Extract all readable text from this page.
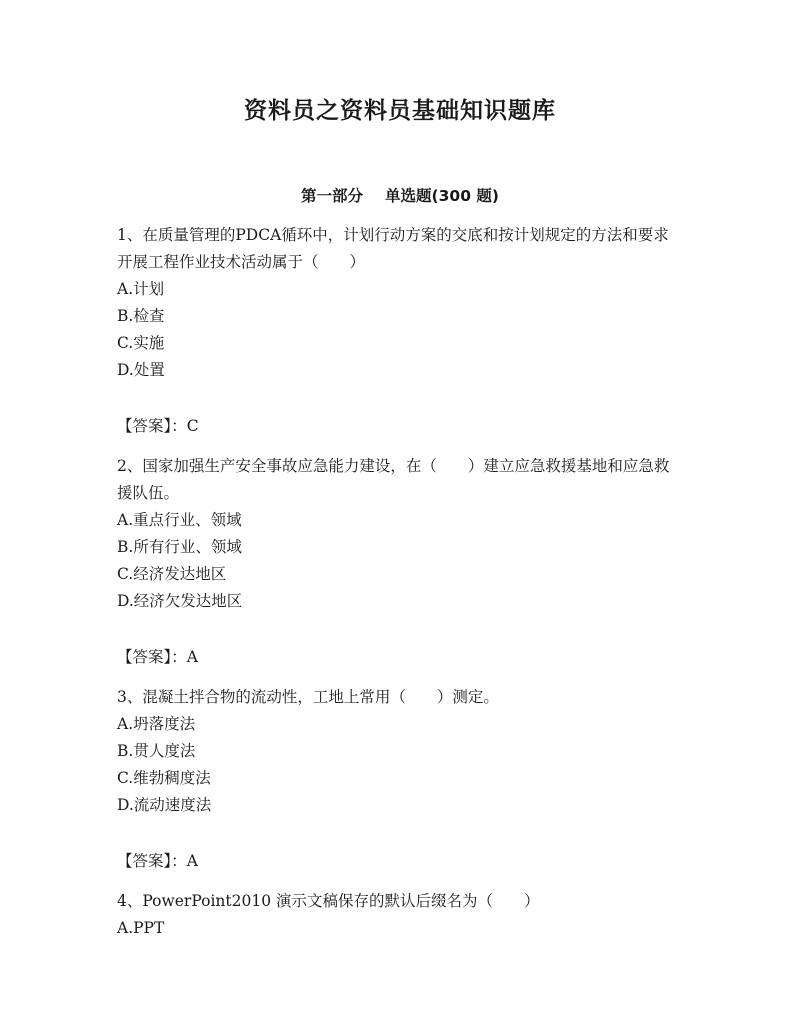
资料员之资料员基础知识题库
第一部分 单选题(300 题)

1、在质量管理的PDCA循环中，计划行动方案的交底和按计划规定的方法和要求开展工程作业技术活动属于（　　）

A.计划

B.检查

C.实施

D.处置

【答案】：C

2、国家加强生产安全事故应急能力建设，在（　　）建立应急救援基地和应急救援队伍。

A.重点行业、领域

B.所有行业、领域

C.经济发达地区

D.经济欠发达地区

【答案】：A

3、混凝土拌合物的流动性，工地上常用（　　）测定。

A.坍落度法

B.贯人度法

C.维勃稠度法

D.流动速度法

【答案】：A

4、PowerPoint2010 演示文稿保存的默认后缀名为（　　）

A.PPT
